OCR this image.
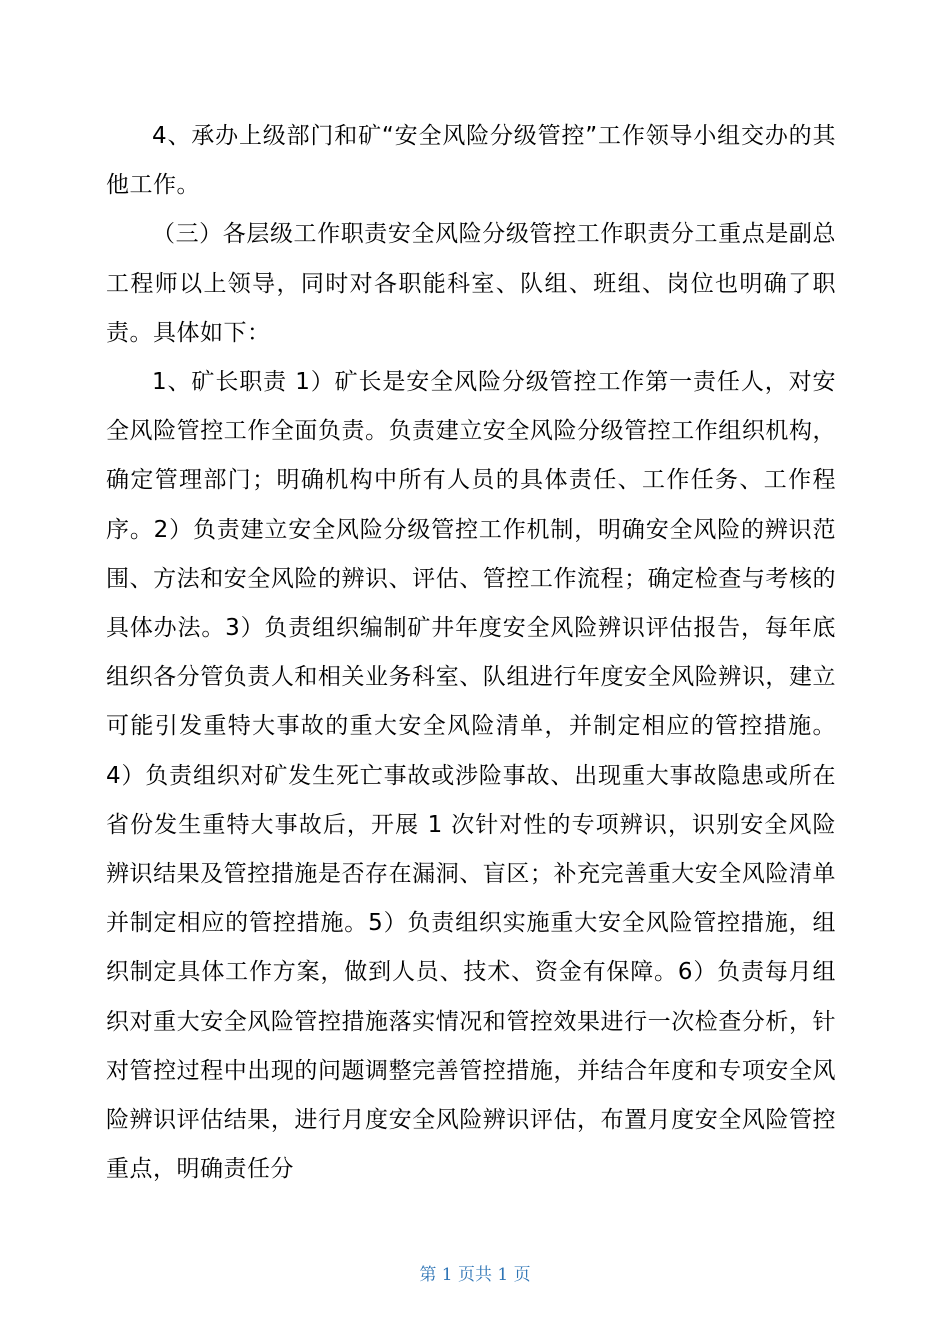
4、承办上级部门和矿“安全风险分级管控”工作领导小组交办的其他工作。

（三）各层级工作职责安全风险分级管控工作职责分工重点是副总工程师以上领导，同时对各职能科室、队组、班组、岗位也明确了职责。具体如下：

1、矿长职责 1）矿长是安全风险分级管控工作第一责任人，对安全风险管控工作全面负责。负责建立安全风险分级管控工作组织机构，确定管理部门；明确机构中所有人员的具体责任、工作任务、工作程序。2）负责建立安全风险分级管控工作机制，明确安全风险的辨识范围、方法和安全风险的辨识、评估、管控工作流程；确定检查与考核的具体办法。3）负责组织编制矿井年度安全风险辨识评估报告，每年底组织各分管负责人和相关业务科室、队组进行年度安全风险辨识，建立可能引发重特大事故的重大安全风险清单，并制定相应的管控措施。4）负责组织对矿发生死亡事故或涉险事故、出现重大事故隐患或所在省份发生重特大事故后，开展 1 次针对性的专项辨识，识别安全风险辨识结果及管控措施是否存在漏洞、盲区；补充完善重大安全风险清单并制定相应的管控措施。5）负责组织实施重大安全风险管控措施，组织制定具体工作方案，做到人员、技术、资金有保障。6）负责每月组织对重大安全风险管控措施落实情况和管控效果进行一次检查分析，针对管控过程中出现的问题调整完善管控措施，并结合年度和专项安全风险辨识评估结果，进行月度安全风险辨识评估，布置月度安全风险管控重点，明确责任分

第 1 页共 1 页
